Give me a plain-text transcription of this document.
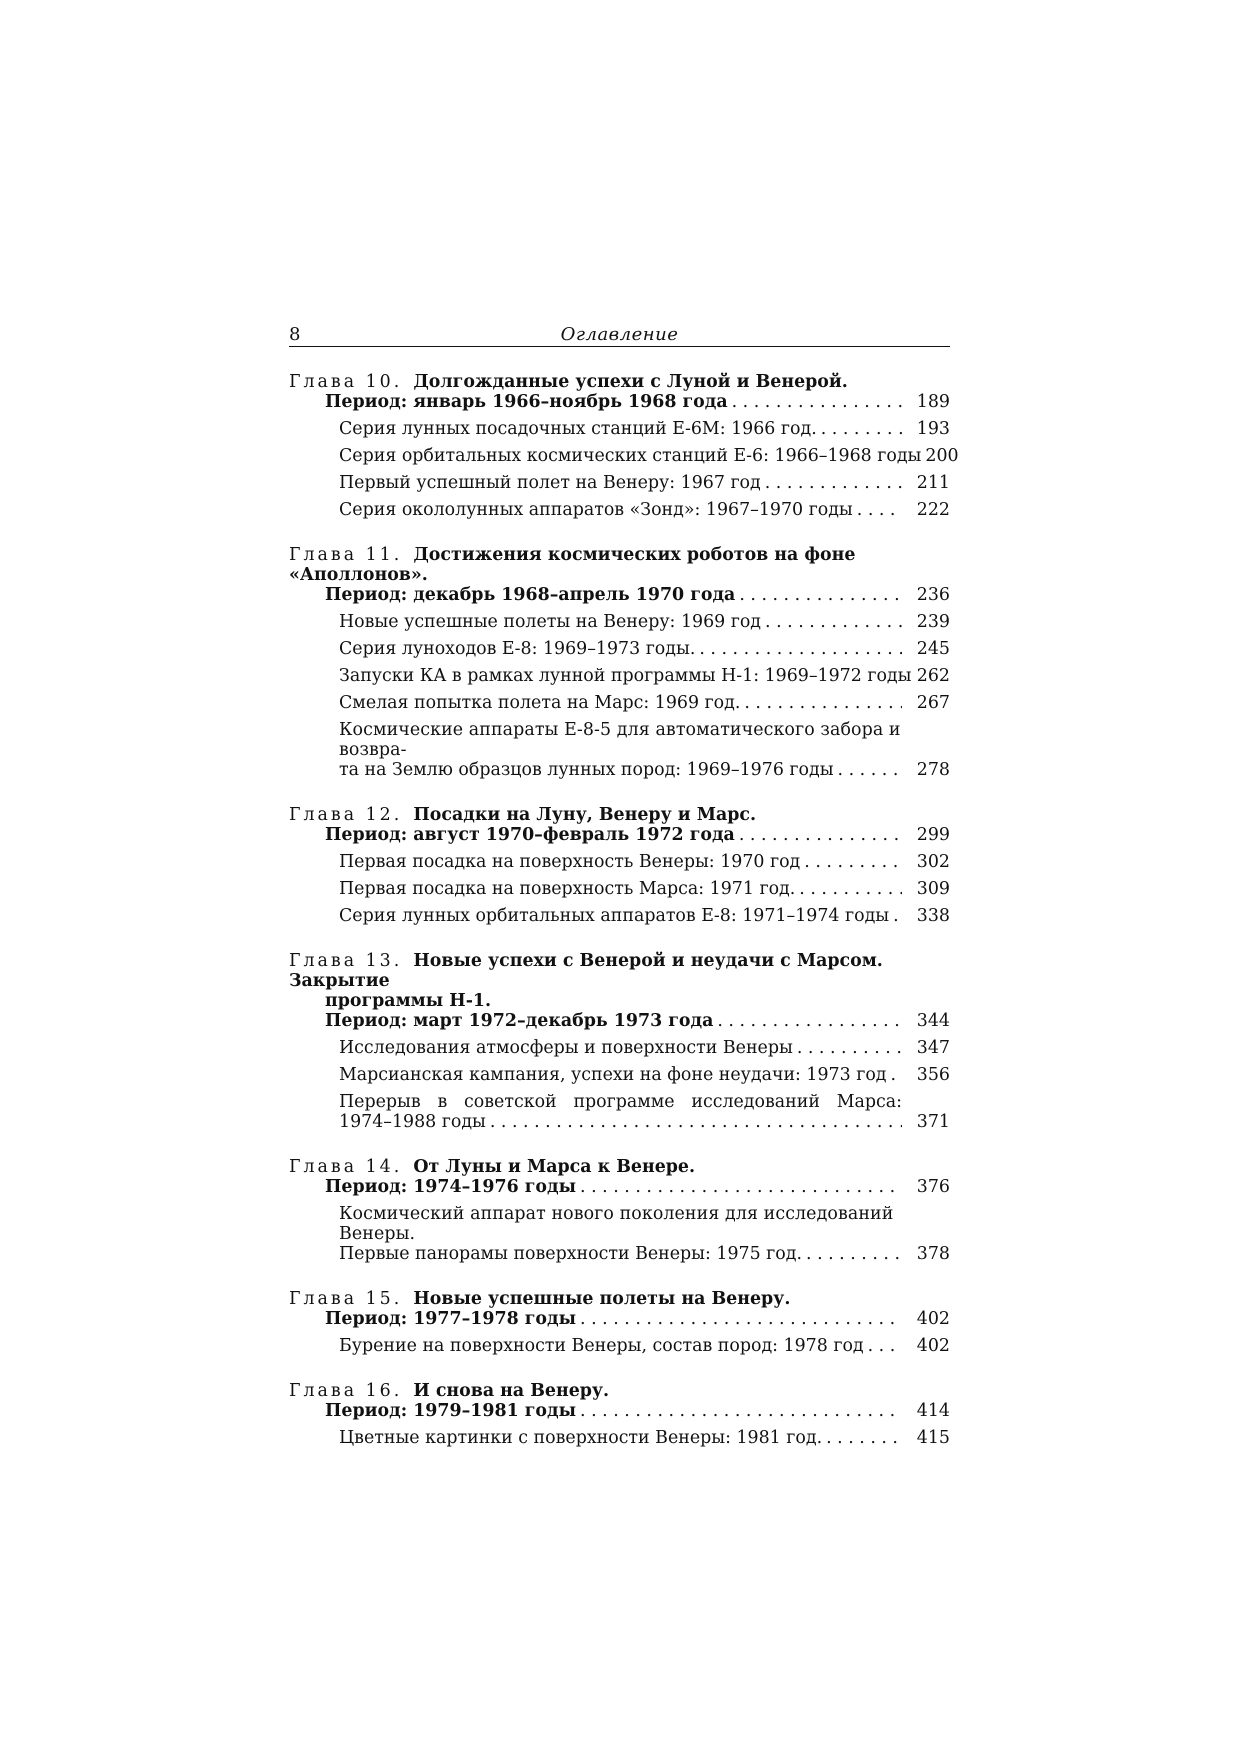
8	Оглавление
Глава 10. Долгожданные успехи с Луной и Венерой.
Период: январь 1966–ноябрь 1968 года . . .	189
Серия лунных посадочных станций Е-6М: 1966 год. . . .	193
Серия орбитальных космических станций Е-6: 1966–1968 годы . . . 200
Первый успешный полет на Венеру: 1967 год . . .	211
Серия окололунных аппаратов «Зонд»: 1967–1970 годы . . .	222
Глава 11. Достижения космических роботов на фоне «Аполлонов».
Период: декабрь 1968–апрель 1970 года . . .	236
Новые успешные полеты на Венеру: 1969 год . . .	239
Серия луноходов Е-8: 1969–1973 годы. . . .	245
Запуски КА в рамках лунной программы Н-1: 1969–1972 годы . . . 262
Смелая попытка полета на Марс: 1969 год. . . .	267
Космические аппараты Е-8-5 для автоматического забора и возвра-
та на Землю образцов лунных пород: 1969–1976 годы . . .	278
Глава 12. Посадки на Луну, Венеру и Марс.
Период: август 1970–февраль 1972 года . . .	299
Первая посадка на поверхность Венеры: 1970 год . . .	302
Первая посадка на поверхность Марса: 1971 год. . . .	309
Серия лунных орбитальных аппаратов Е-8: 1971–1974 годы . . .	338
Глава 13. Новые успехи с Венерой и неудачи с Марсом. Закрытие
программы Н-1.
Период: март 1972–декабрь 1973 года . . .	344
Исследования атмосферы и поверхности Венеры . . .	347
Марсианская кампания, успехи на фоне неудачи: 1973 год . . .	356
Перерыв в советской программе исследований Марса:
1974–1988 годы . . .	371
Глава 14. От Луны и Марса к Венере.
Период: 1974–1976 годы . . .	376
Космический аппарат нового поколения для исследований Венеры.
Первые панорамы поверхности Венеры: 1975 год. . . .	378
Глава 15. Новые успешные полеты на Венеру.
Период: 1977–1978 годы . . .	402
Бурение на поверхности Венеры, состав пород: 1978 год . . .	402
Глава 16. И снова на Венеру.
Период: 1979–1981 годы . . .	414
Цветные картинки с поверхности Венеры: 1981 год. . . .	415
